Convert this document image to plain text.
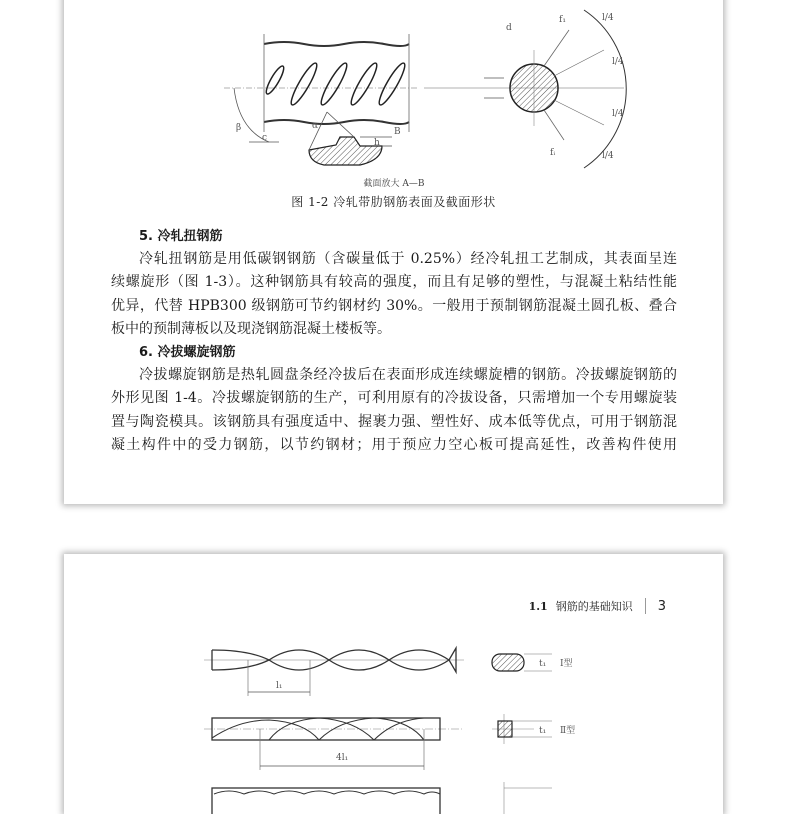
β
c
B
d
f₁
fᵢ
l/4
l/4
l/4
l/4
α
h
截面放大 A—B
图 1-2 冷轧带肋钢筋表面及截面形状
5. 冷轧扭钢筋
冷轧扭钢筋是用低碳钢钢筋（含碳量低于 0.25%）经冷轧扭工艺制成，其表面呈连
续螺旋形（图 1-3）。这种钢筋具有较高的强度，而且有足够的塑性，与混凝土粘结性能
优异，代替 HPB300 级钢筋可节约钢材约 30%。一般用于预制钢筋混凝土圆孔板、叠合
板中的预制薄板以及现浇钢筋混凝土楼板等。
6. 冷拔螺旋钢筋
冷拔螺旋钢筋是热轧圆盘条经冷拔后在表面形成连续螺旋槽的钢筋。冷拔螺旋钢筋的
外形见图 1-4。冷拔螺旋钢筋的生产，可利用原有的冷拔设备，只需增加一个专用螺旋装
置与陶瓷模具。该钢筋具有强度适中、握裹力强、塑性好、成本低等优点，可用于钢筋混
凝土构件中的受力钢筋，以节约钢材；用于预应力空心板可提高延性，改善构件使用
1.1 钢筋的基础知识 3
l₁
t₁ Ⅰ型
4l₁
t₁ Ⅱ型
